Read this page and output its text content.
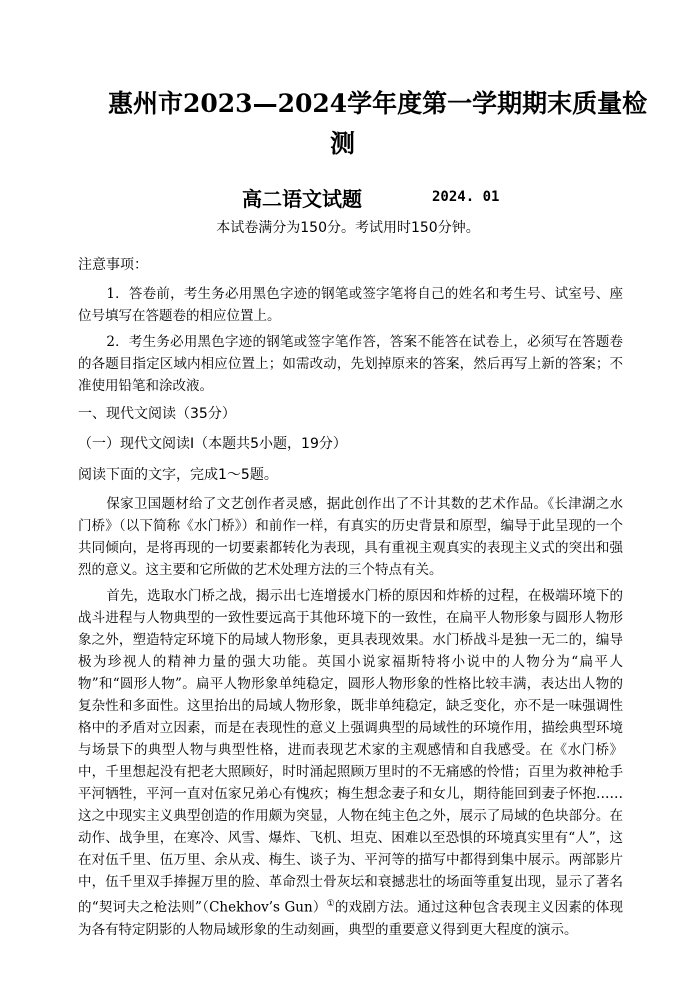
惠州市2023—2024学年度第一学期期末质量检
测
高二语文试题	2024. 01
本试卷满分为150分。考试用时150分钟。
注意事项：
1．答卷前，考生务必用黑色字迹的钢笔或签字笔将自己的姓名和考生号、试室号、座位号填写在答题卷的相应位置上。
2．考生务必用黑色字迹的钢笔或签字笔作答，答案不能答在试卷上，必须写在答题卷的各题目指定区域内相应位置上；如需改动，先划掉原来的答案，然后再写上新的答案；不准使用铅笔和涂改液。
一、现代文阅读（35分）
（一）现代文阅读Ⅰ（本题共5小题，19分）
阅读下面的文字，完成1～5题。
保家卫国题材给了文艺创作者灵感，据此创作出了不计其数的艺术作品。《长津湖之水门桥》（以下简称《水门桥》）和前作一样，有真实的历史背景和原型，编导于此呈现的一个共同倾向，是将再现的一切要素都转化为表现，具有重视主观真实的表现主义式的突出和强烈的意义。这主要和它所做的艺术处理方法的三个特点有关。
首先，选取水门桥之战，揭示出七连增援水门桥的原因和炸桥的过程，在极端环境下的战斗进程与人物典型的一致性要远高于其他环境下的一致性，在扁平人物形象与圆形人物形象之外，塑造特定环境下的局域人物形象，更具表现效果。水门桥战斗是独一无二的，编导极为珍视人的精神力量的强大功能。英国小说家福斯特将小说中的人物分为“扁平人物”和“圆形人物”。扁平人物形象单纯稳定，圆形人物形象的性格比较丰满，表达出人物的复杂性和多面性。这里抬出的局域人物形象，既非单纯稳定，缺乏变化，亦不是一味强调性格中的矛盾对立因素，而是在表现性的意义上强调典型的局域性的环境作用，描绘典型环境与场景下的典型人物与典型性格，进而表现艺术家的主观感情和自我感受。在《水门桥》中，千里想起没有把老大照顾好，时时涌起照顾万里时的不无痛感的怜惜；百里为救神枪手平河牺牲，平河一直对伍家兄弟心有愧疚；梅生想念妻子和女儿，期待能回到妻子怀抱……这之中现实主义典型创造的作用颇为突显，人物在纯主色之外，展示了局域的色块部分。在动作、战争里，在寒冷、风雪、爆炸、飞机、坦克、困难以至恐惧的环境真实里有“人”，这在对伍千里、伍万里、余从戎、梅生、谈子为、平河等的描写中都得到集中展示。两部影片中，伍千里双手捧握万里的脸、革命烈士骨灰坛和衰撼悲壮的场面等重复出现，显示了著名的“契诃夫之枪法则”（Chekhov’s Gun）①的戏剧方法。通过这种包含表现主义因素的体现为各有特定阴影的人物局域形象的生动刻画，典型的重要意义得到更大程度的演示。
